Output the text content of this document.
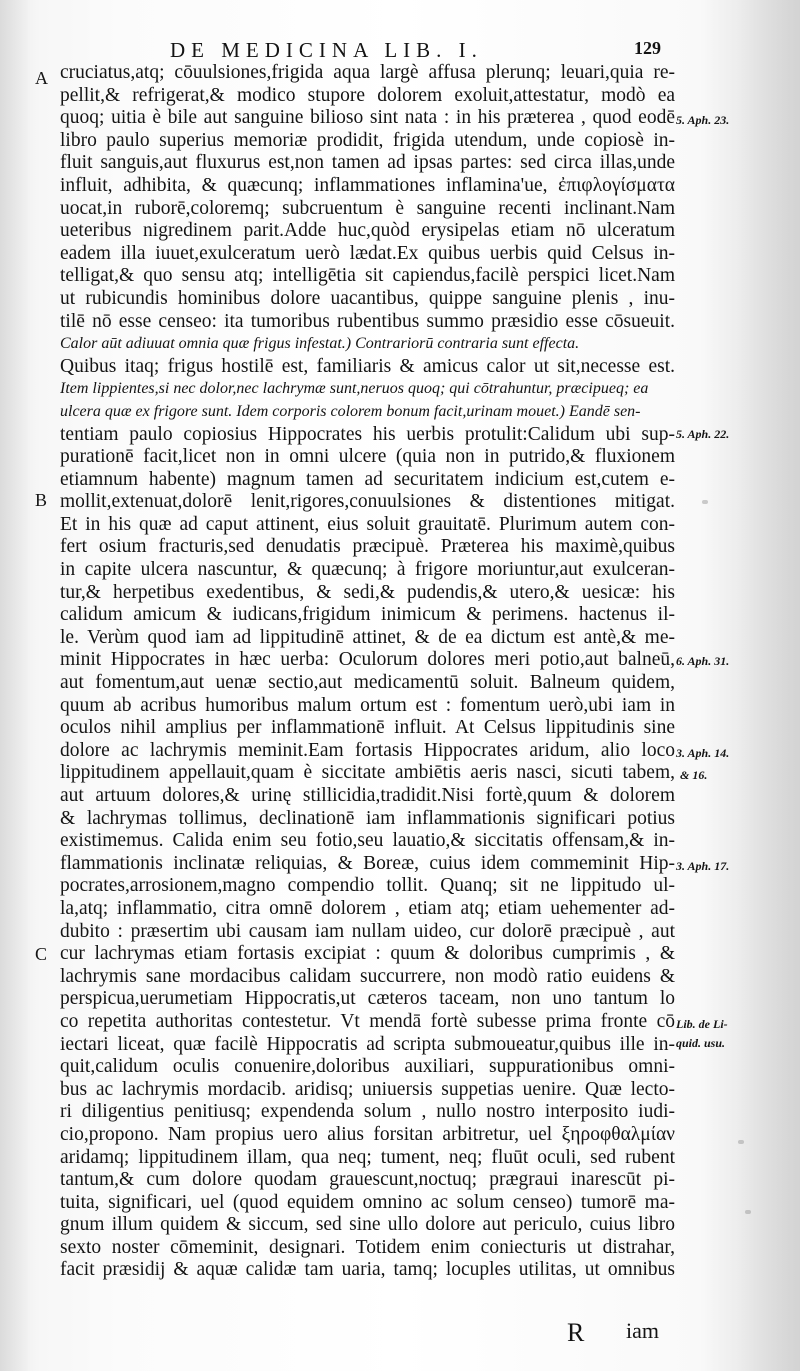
DE MEDICINA LIB. I.	129
A
B
C
cruciatus,atq; cōuulsiones,frigida aqua largè affusa plerunq; leuari,quia re-
pellit,& refrigerat,& modico stupore dolorem exoluit,attestatur, modò ea
quoq; uitia è bile aut sanguine bilioso sint nata : in his præterea , quod eodē
libro paulo superius memoriæ prodidit, frigida utendum, unde copiosè in-
fluit sanguis,aut fluxurus est,non tamen ad ipsas partes: sed circa illas,unde
influit, adhibita, & quæcunq; inflammationes inflamina'ue, ἐπιφλογίσματα
uocat,in ruborē,coloremq; subcruentum è sanguine recenti inclinant.Nam
ueteribus nigredinem parit.Adde huc,quòd erysipelas etiam nō ulceratum
eadem illa iuuet,exulceratum uerò lædat.Ex quibus uerbis quid Celsus in-
telligat,& quo sensu atq; intelligētia sit capiendus,facilè perspici licet.Nam
ut rubicundis hominibus dolore uacantibus, quippe sanguine plenis , inu-
tilē nō esse censeo: ita tumoribus rubentibus summo præsidio esse cōsueuit.
Calor aūt adiuuat omnia quæ frigus infestat.) Contrariorū contraria sunt effecta.
Quibus itaq; frigus hostilē est, familiaris & amicus calor ut sit,necesse est.
Item lippientes,si nec dolor,nec lachrymæ sunt,neruos quoq; qui cōtrahuntur, præcipueq; ea
ulcera quæ ex frigore sunt. Idem corporis colorem bonum facit,urinam mouet.) Eandē sen-
tentiam paulo copiosius Hippocrates his uerbis protulit:Calidum ubi sup-
purationē facit,licet non in omni ulcere (quia non in putrido,& fluxionem
etiamnum habente) magnum tamen ad securitatem indicium est,cutem e-
mollit,extenuat,dolorē lenit,rigores,conuulsiones & distentiones mitigat.
Et in his quæ ad caput attinent, eius soluit grauitatē. Plurimum autem con-
fert osium fracturis,sed denudatis præcipuè. Præterea his maximè,quibus
in capite ulcera nascuntur, & quæcunq; à frigore moriuntur,aut exulceran-
tur,& herpetibus exedentibus, & sedi,& pudendis,& utero,& uesicæ: his
calidum amicum & iudicans,frigidum inimicum & perimens. hactenus il-
le. Verùm quod iam ad lippitudinē attinet, & de ea dictum est antè,& me-
minit Hippocrates in hæc uerba: Oculorum dolores meri potio,aut balneū,
aut fomentum,aut uenæ sectio,aut medicamentū soluit. Balneum quidem,
quum ab acribus humoribus malum ortum est : fomentum uerò,ubi iam in
oculos nihil amplius per inflammationē influit. At Celsus lippitudinis sine
dolore ac lachrymis meminit.Eam fortasis Hippocrates aridum, alio loco
lippitudinem appellauit,quam è siccitate ambiētis aeris nasci, sicuti tabem,
aut artuum dolores,& urinę stillicidia,tradidit.Nisi fortè,quum & dolorem
& lachrymas tollimus, declinationē iam inflammationis significari potius
existimemus. Calida enim seu fotio,seu lauatio,& siccitatis offensam,& in-
flammationis inclinatæ reliquias, & Boreæ, cuius idem commeminit Hip-
pocrates,arrosionem,magno compendio tollit. Quanq; sit ne lippitudo ul-
la,atq; inflammatio, citra omnē dolorem , etiam atq; etiam uehementer ad-
dubito : præsertim ubi causam iam nullam uideo, cur dolorē præcipuè , aut
cur lachrymas etiam fortasis excipiat : quum & doloribus cumprimis , &
lachrymis sane mordacibus calidam succurrere, non modò ratio euidens &
perspicua,uerumetiam Hippocratis,ut cæteros taceam, non uno tantum lo
co repetita authoritas contestetur. Vt mendā fortè subesse prima fronte cō
iectari liceat, quæ facilè Hippocratis ad scripta submoueatur,quibus ille in-
quit,calidum oculis conuenire,doloribus auxiliari, suppurationibus omni-
bus ac lachrymis mordacib. aridisq; uniuersis suppetias uenire. Quæ lecto-
ri diligentius penitiusq; expendenda solum , nullo nostro interposito iudi-
cio,propono. Nam propius uero alius forsitan arbitretur, uel ξηροφθαλμίαν
aridamq; lippitudinem illam, qua neq; tument, neq; fluūt oculi, sed rubent
tantum,& cum dolore quodam grauescunt,noctuq; prægraui inarescūt pi-
tuita, significari, uel (quod equidem omnino ac solum censeo) tumorē ma-
gnum illum quidem & siccum, sed sine ullo dolore aut periculo, cuius libro
sexto noster cōmeminit, designari. Totidem enim coniecturis ut distrahar,
facit præsidij & aquæ calidæ tam uaria, tamq; locuples utilitas, ut omnibus
5. Aph. 23.
5. Aph. 22.
6. Aph. 31.
3. Aph. 14.
& 16.
3. Aph. 17.
Lib. de Li-
quid. usu.
R iam
